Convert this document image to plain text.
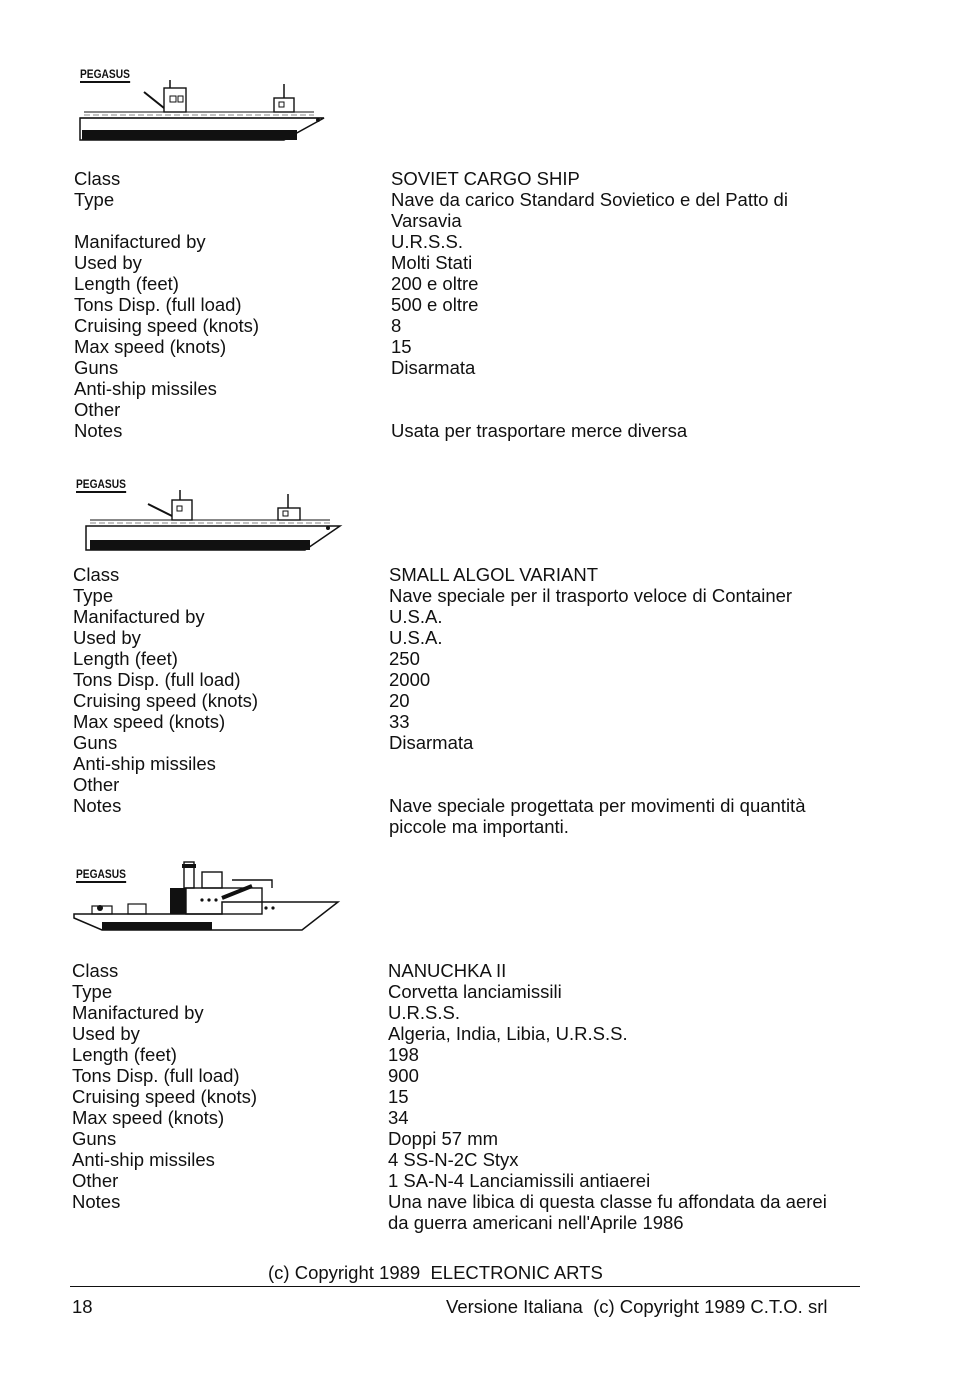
PEGASUS
Class	SOVIET CARGO SHIP
Type	Nave da carico Standard Sovietico e del Patto di Varsavia
Manifactured by	U.R.S.S.
Used by	Molti Stati
Length (feet)	200 e oltre
Tons Disp. (full load)	500 e oltre
Cruising speed (knots)	8
Max speed (knots)	15
Guns	Disarmata
Anti-ship missiles
Other
Notes	Usata per trasportare merce diversa
PEGASUS
Class	SMALL ALGOL VARIANT
Type	Nave speciale per il trasporto veloce di Container
Manifactured by	U.S.A.
Used by	U.S.A.
Length (feet)	250
Tons Disp. (full load)	2000
Cruising speed (knots)	20
Max speed (knots)	33
Guns	Disarmata
Anti-ship missiles
Other
Notes	Nave speciale progettata per movimenti di quantità piccole ma importanti.
PEGASUS
Class	NANUCHKA II
Type	Corvetta lanciamissili
Manifactured by	U.R.S.S.
Used by	Algeria, India, Libia, U.R.S.S.
Length (feet)	198
Tons Disp. (full load)	900
Cruising speed (knots)	15
Max speed (knots)	34
Guns	Doppi 57 mm
Anti-ship missiles	4 SS-N-2C Styx
Other	1 SA-N-4 Lanciamissili antiaerei
Notes	Una nave libica di questa classe fu affondata da aerei da guerra americani nell'Aprile 1986
(c) Copyright 1989  ELECTRONIC ARTS
18	Versione Italiana  (c) Copyright 1989 C.T.O. srl
